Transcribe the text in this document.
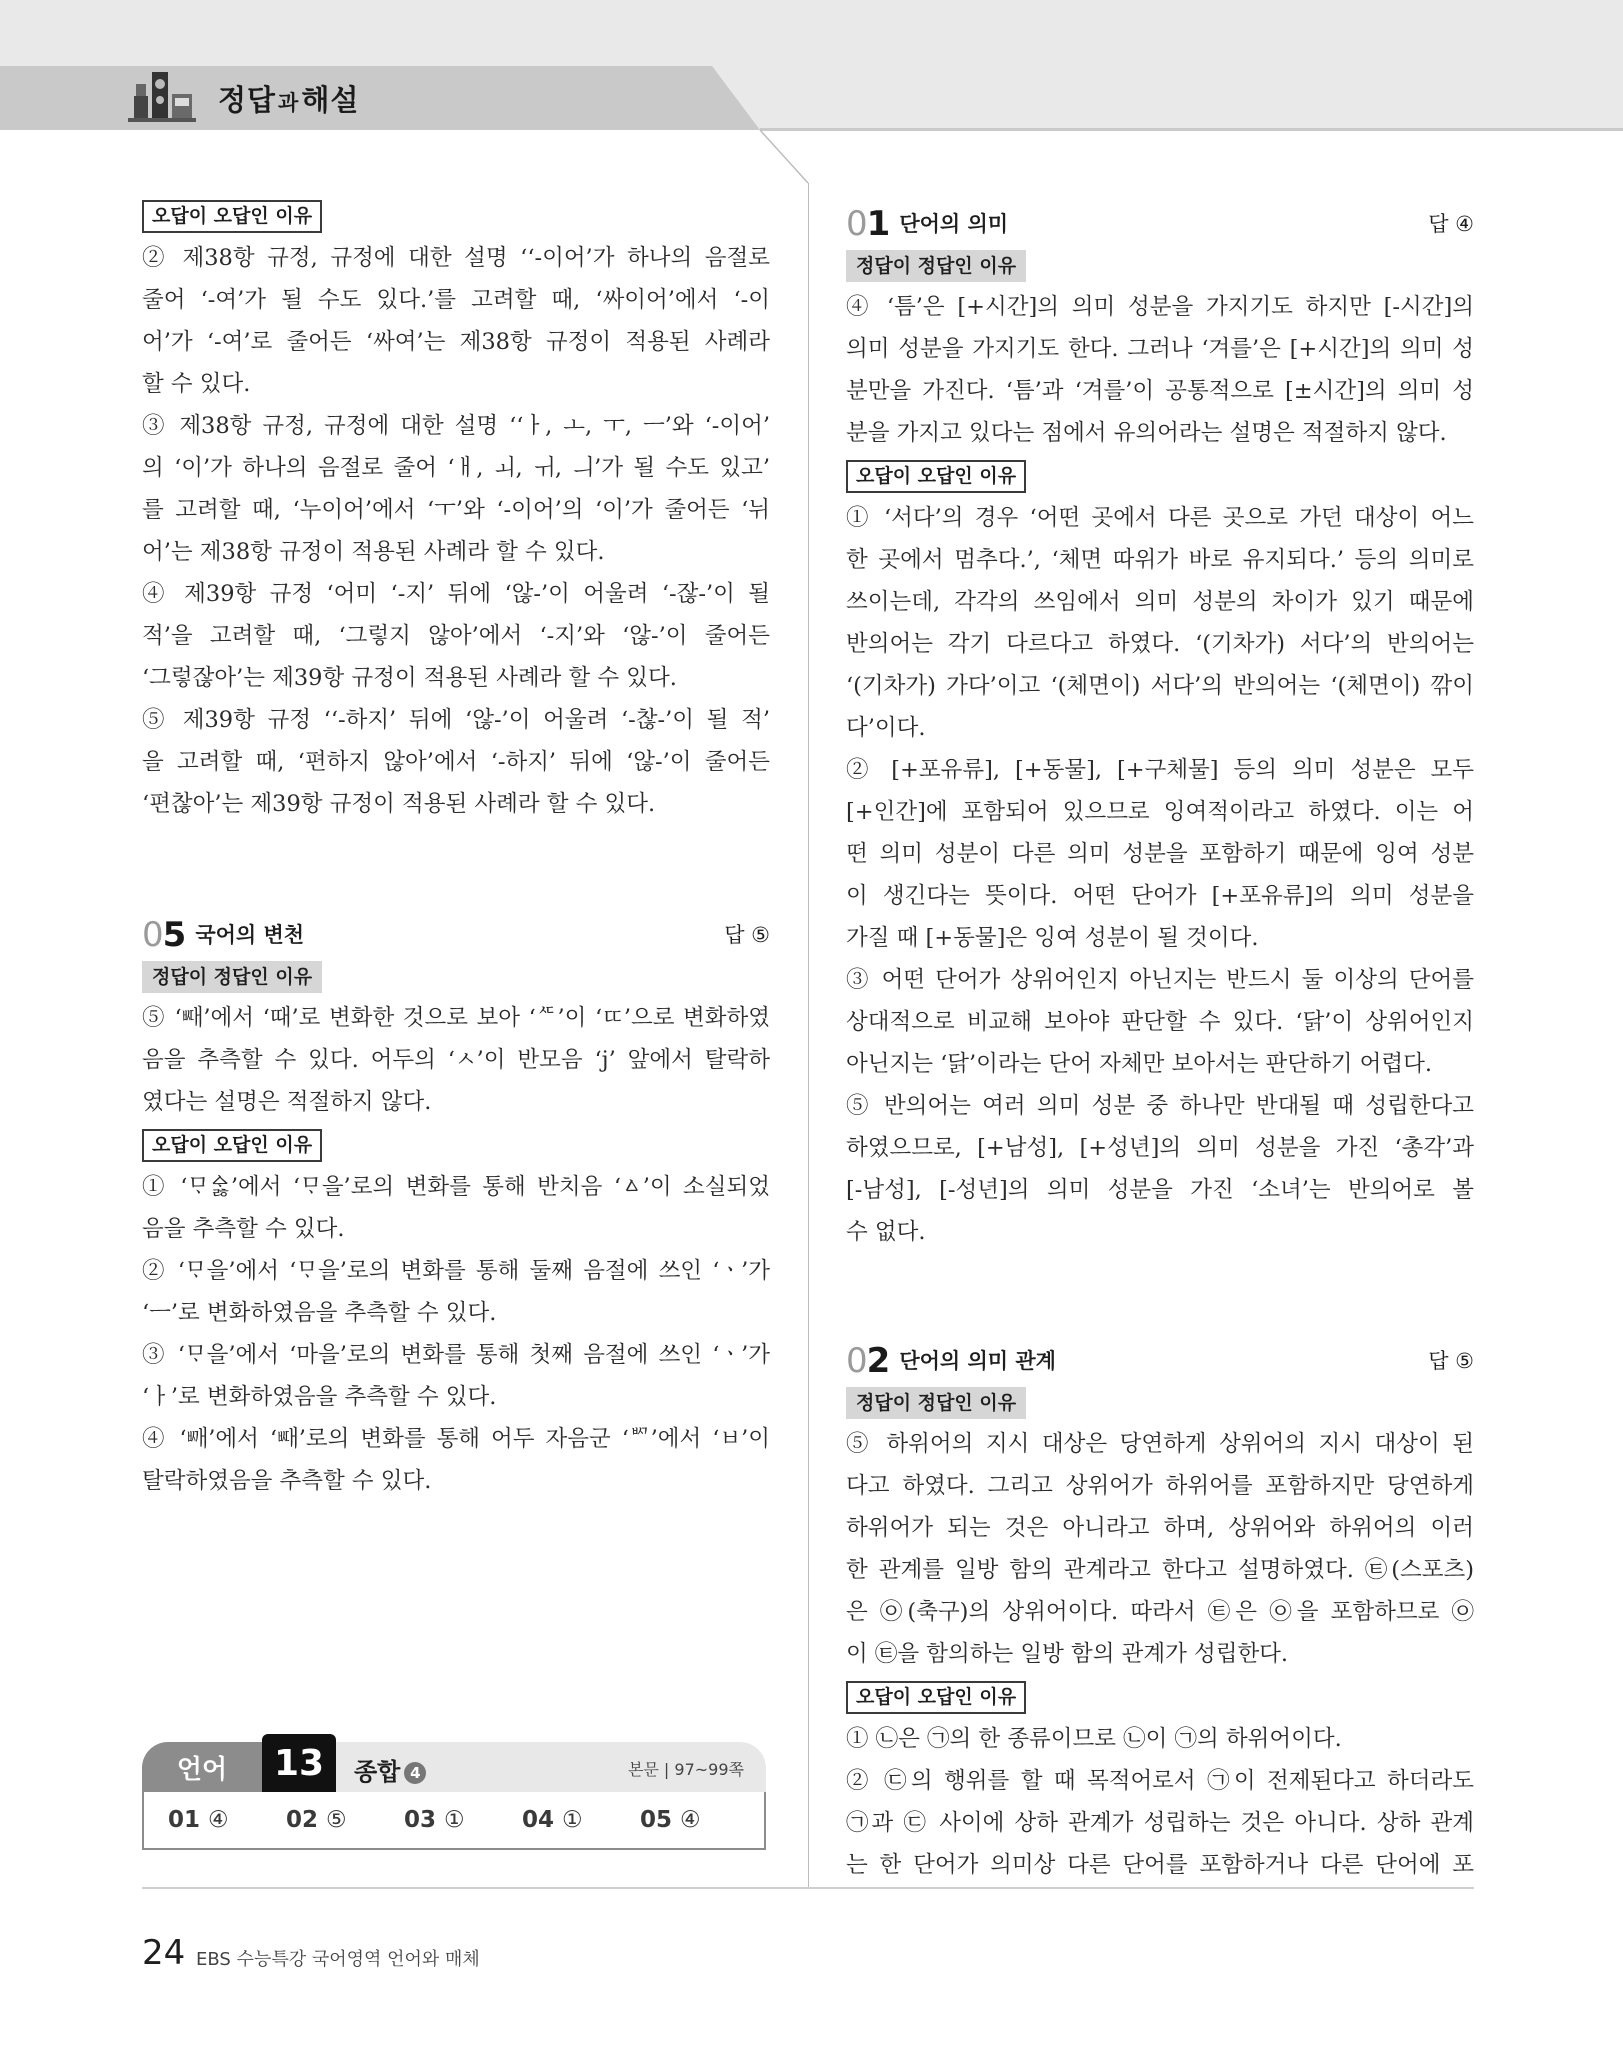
정답과해설
오답이 오답인 이유
② 제38항 규정, 규정에 대한 설명 ‘‘-이어’가 하나의 음절로
줄어 ‘-여’가 될 수도 있다.’를 고려할 때, ‘싸이어’에서 ‘-이
어’가 ‘-여’로 줄어든 ‘싸여’는 제38항 규정이 적용된 사례라
할 수 있다.
③ 제38항 규정, 규정에 대한 설명 ‘‘ㅏ, ㅗ, ㅜ, ㅡ’와 ‘-이어’
의 ‘이’가 하나의 음절로 줄어 ‘ㅐ, ㅚ, ㅟ, ㅢ’가 될 수도 있고’
를 고려할 때, ‘누이어’에서 ‘ㅜ’와 ‘-이어’의 ‘이’가 줄어든 ‘뉘
어’는 제38항 규정이 적용된 사례라 할 수 있다.
④ 제39항 규정 ‘어미 ‘-지’ 뒤에 ‘않-’이 어울려 ‘-잖-’이 될
적’을 고려할 때, ‘그렇지 않아’에서 ‘-지’와 ‘않-’이 줄어든
‘그렇잖아’는 제39항 규정이 적용된 사례라 할 수 있다.
⑤ 제39항 규정 ‘‘-하지’ 뒤에 ‘않-’이 어울려 ‘-찮-’이 될 적’
을 고려할 때, ‘편하지 않아’에서 ‘-하지’ 뒤에 ‘않-’이 줄어든
‘편찮아’는 제39항 규정이 적용된 사례라 할 수 있다.
05 국어의 변천	답 ⑤
정답이 정답인 이유
⑤ ‘ᄣᅢ’에서 ‘때’로 변화한 것으로 보아 ‘ᄯ’이 ‘ㄸ’으로 변화하였
음을 추측할 수 있다. 어두의 ‘ㅅ’이 반모음 ‘j’ 앞에서 탈락하
였다는 설명은 적절하지 않다.
오답이 오답인 이유
① ‘ᄆᆞᅀᆞᆶ’에서 ‘ᄆᆞ을’로의 변화를 통해 반치음 ‘ㅿ’이 소실되었
음을 추측할 수 있다.
② ‘ᄆᆞ을’에서 ‘ᄆᆞ을’로의 변화를 통해 둘째 음절에 쓰인 ‘ㆍ’가
‘ㅡ’로 변화하였음을 추측할 수 있다.
③ ‘ᄆᆞ을’에서 ‘마을’로의 변화를 통해 첫째 음절에 쓰인 ‘ㆍ’가
‘ㅏ’로 변화하였음을 추측할 수 있다.
④ ‘ᄢᅢ’에서 ‘ᄣᅢ’로의 변화를 통해 어두 자음군 ‘ᄢ’에서 ‘ㅂ’이
탈락하였음을 추측할 수 있다.
언어	13	종합 4	본문 | 97~99쪽
01 ④ 02 ⑤ 03 ① 04 ① 05 ④
01 단어의 의미	답 ④
정답이 정답인 이유
④ ‘틈’은 [+시간]의 의미 성분을 가지기도 하지만 [-시간]의
의미 성분을 가지기도 한다. 그러나 ‘겨를’은 [+시간]의 의미 성
분만을 가진다. ‘틈’과 ‘겨를’이 공통적으로 [±시간]의 의미 성
분을 가지고 있다는 점에서 유의어라는 설명은 적절하지 않다.
오답이 오답인 이유
① ‘서다’의 경우 ‘어떤 곳에서 다른 곳으로 가던 대상이 어느
한 곳에서 멈추다.’, ‘체면 따위가 바로 유지되다.’ 등의 의미로
쓰이는데, 각각의 쓰임에서 의미 성분의 차이가 있기 때문에
반의어는 각기 다르다고 하였다. ‘(기차가) 서다’의 반의어는
‘(기차가) 가다’이고 ‘(체면이) 서다’의 반의어는 ‘(체면이) 깎이
다’이다.
② [+포유류], [+동물], [+구체물] 등의 의미 성분은 모두
[+인간]에 포함되어 있으므로 잉여적이라고 하였다. 이는 어
떤 의미 성분이 다른 의미 성분을 포함하기 때문에 잉여 성분
이 생긴다는 뜻이다. 어떤 단어가 [+포유류]의 의미 성분을
가질 때 [+동물]은 잉여 성분이 될 것이다.
③ 어떤 단어가 상위어인지 아닌지는 반드시 둘 이상의 단어를
상대적으로 비교해 보아야 판단할 수 있다. ‘닭’이 상위어인지
아닌지는 ‘닭’이라는 단어 자체만 보아서는 판단하기 어렵다.
⑤ 반의어는 여러 의미 성분 중 하나만 반대될 때 성립한다고
하였으므로, [+남성], [+성년]의 의미 성분을 가진 ‘총각’과
[-남성], [-성년]의 의미 성분을 가진 ‘소녀’는 반의어로 볼
수 없다.
02 단어의 의미 관계	답 ⑤
정답이 정답인 이유
⑤ 하위어의 지시 대상은 당연하게 상위어의 지시 대상이 된
다고 하였다. 그리고 상위어가 하위어를 포함하지만 당연하게
하위어가 되는 것은 아니라고 하며, 상위어와 하위어의 이러
한 관계를 일방 함의 관계라고 한다고 설명하였다. ㉫(스포츠)
은 ㉧(축구)의 상위어이다. 따라서 ㉫은 ㉧을 포함하므로 ㉧
이 ㉫을 함의하는 일방 함의 관계가 성립한다.
오답이 오답인 이유
① ㉡은 ㉠의 한 종류이므로 ㉡이 ㉠의 하위어이다.
② ㉢의 행위를 할 때 목적어로서 ㉠이 전제된다고 하더라도
㉠과 ㉢ 사이에 상하 관계가 성립하는 것은 아니다. 상하 관계
는 한 단어가 의미상 다른 단어를 포함하거나 다른 단어에 포
24 EBS 수능특강 국어영역 언어와 매체
